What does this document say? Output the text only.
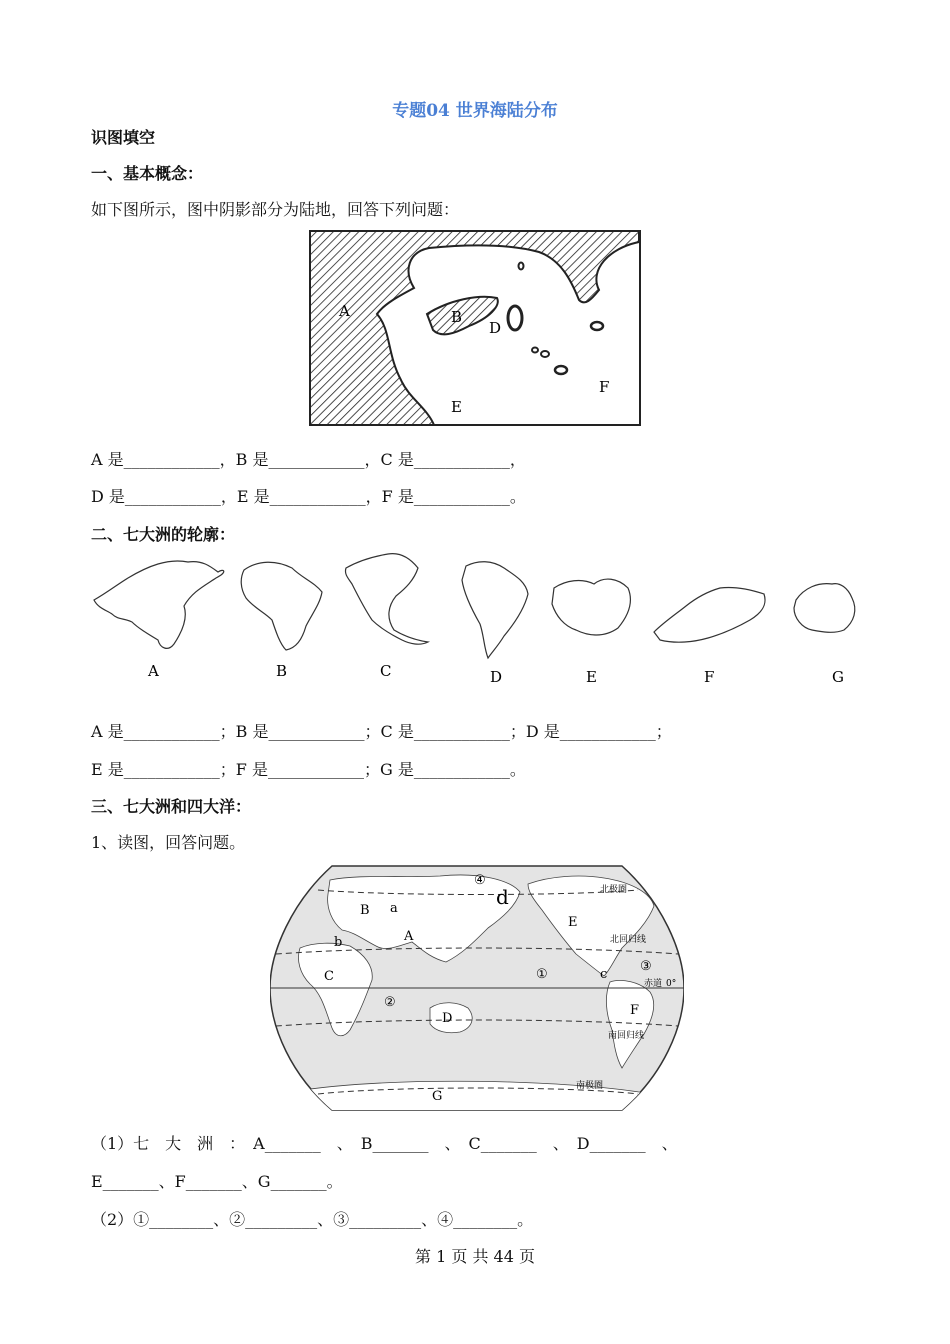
专题04 世界海陆分布
识图填空
一、基本概念：
如下图所示，图中阴影部分为陆地，回答下列问题：
A	B
D
E
F
A 是____________，B 是____________，C 是____________，
D 是____________，E 是____________，F 是____________。
二、七大洲的轮廓：
A	B	C	D	E	F	G
A 是____________；B 是____________；C 是____________；D 是____________；
E 是____________；F 是____________；G 是____________。
三、七大洲和四大洋：
1、读图，回答问题。
A
B
C
D
E
F
G
①
②
③
④
a
b
c
d	北极圈
北回归线
赤道 0°
南回归线
南极圈
（1）七　大　洲　：　A_______　、　B_______　、　C_______　、　D_______　、
E_______、F_______、G_______。
（2）①________、②_________、③_________、④________。
第 1 页 共 44 页
